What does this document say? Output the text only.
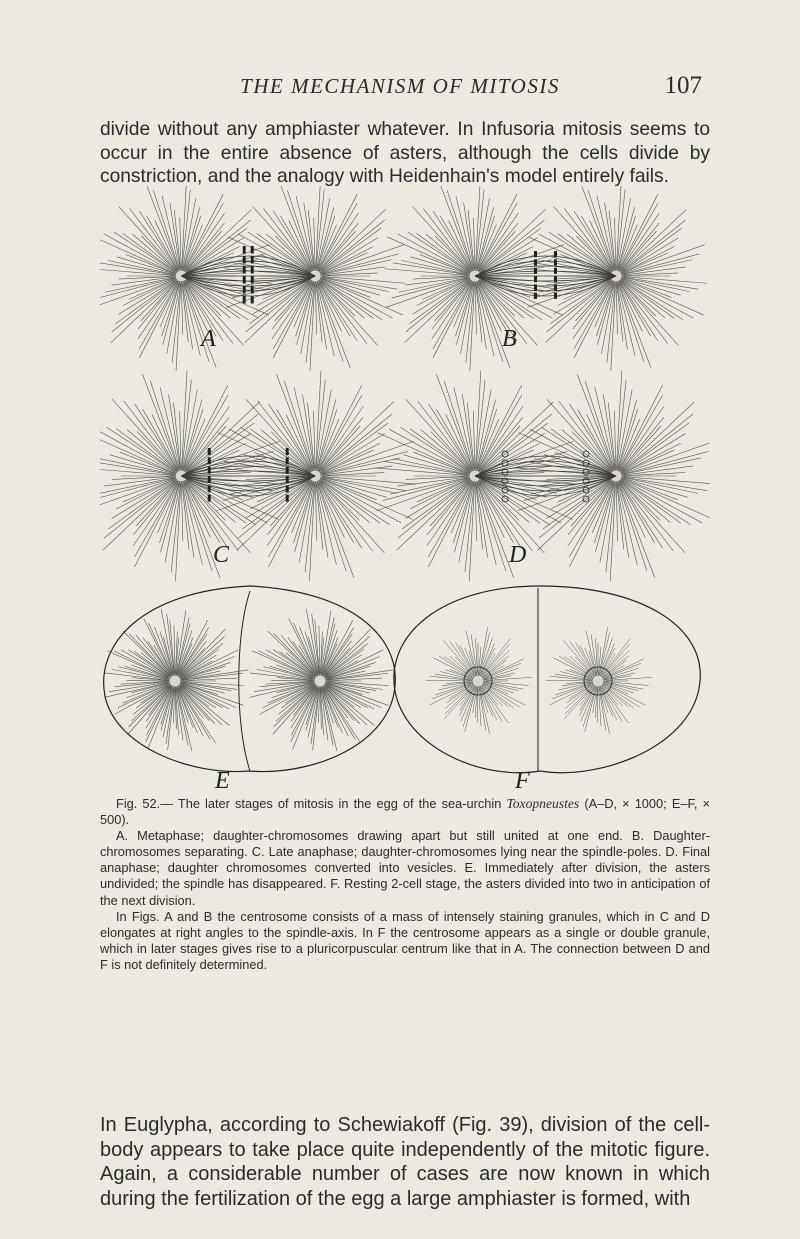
THE MECHANISM OF MITOSIS	107

divide without any amphiaster whatever. In Infusoria mitosis seems to occur in the entire absence of asters, although the cells divide by constriction, and the analogy with Heidenhain's model entirely fails.

A	B
C	D
E	F

Fig. 52.— The later stages of mitosis in the egg of the sea-urchin Toxopneustes (A–D, × 1000; E–F, × 500).

A. Metaphase; daughter-chromosomes drawing apart but still united at one end. B. Daughter-chromosomes separating. C. Late anaphase; daughter-chromosomes lying near the spindle-poles. D. Final anaphase; daughter chromosomes converted into vesicles. E. Immediately after division, the asters undivided; the spindle has disappeared. F. Resting 2-cell stage, the asters divided into two in anticipation of the next division.

In Figs. A and B the centrosome consists of a mass of intensely staining granules, which in C and D elongates at right angles to the spindle-axis. In F the centrosome appears as a single or double granule, which in later stages gives rise to a pluricorpuscular centrum like that in A. The connection between D and F is not definitely determined.

In Euglypha, according to Schewiakoff (Fig. 39), division of the cell-body appears to take place quite independently of the mitotic figure. Again, a considerable number of cases are now known in which during the fertilization of the egg a large amphiaster is formed, with
